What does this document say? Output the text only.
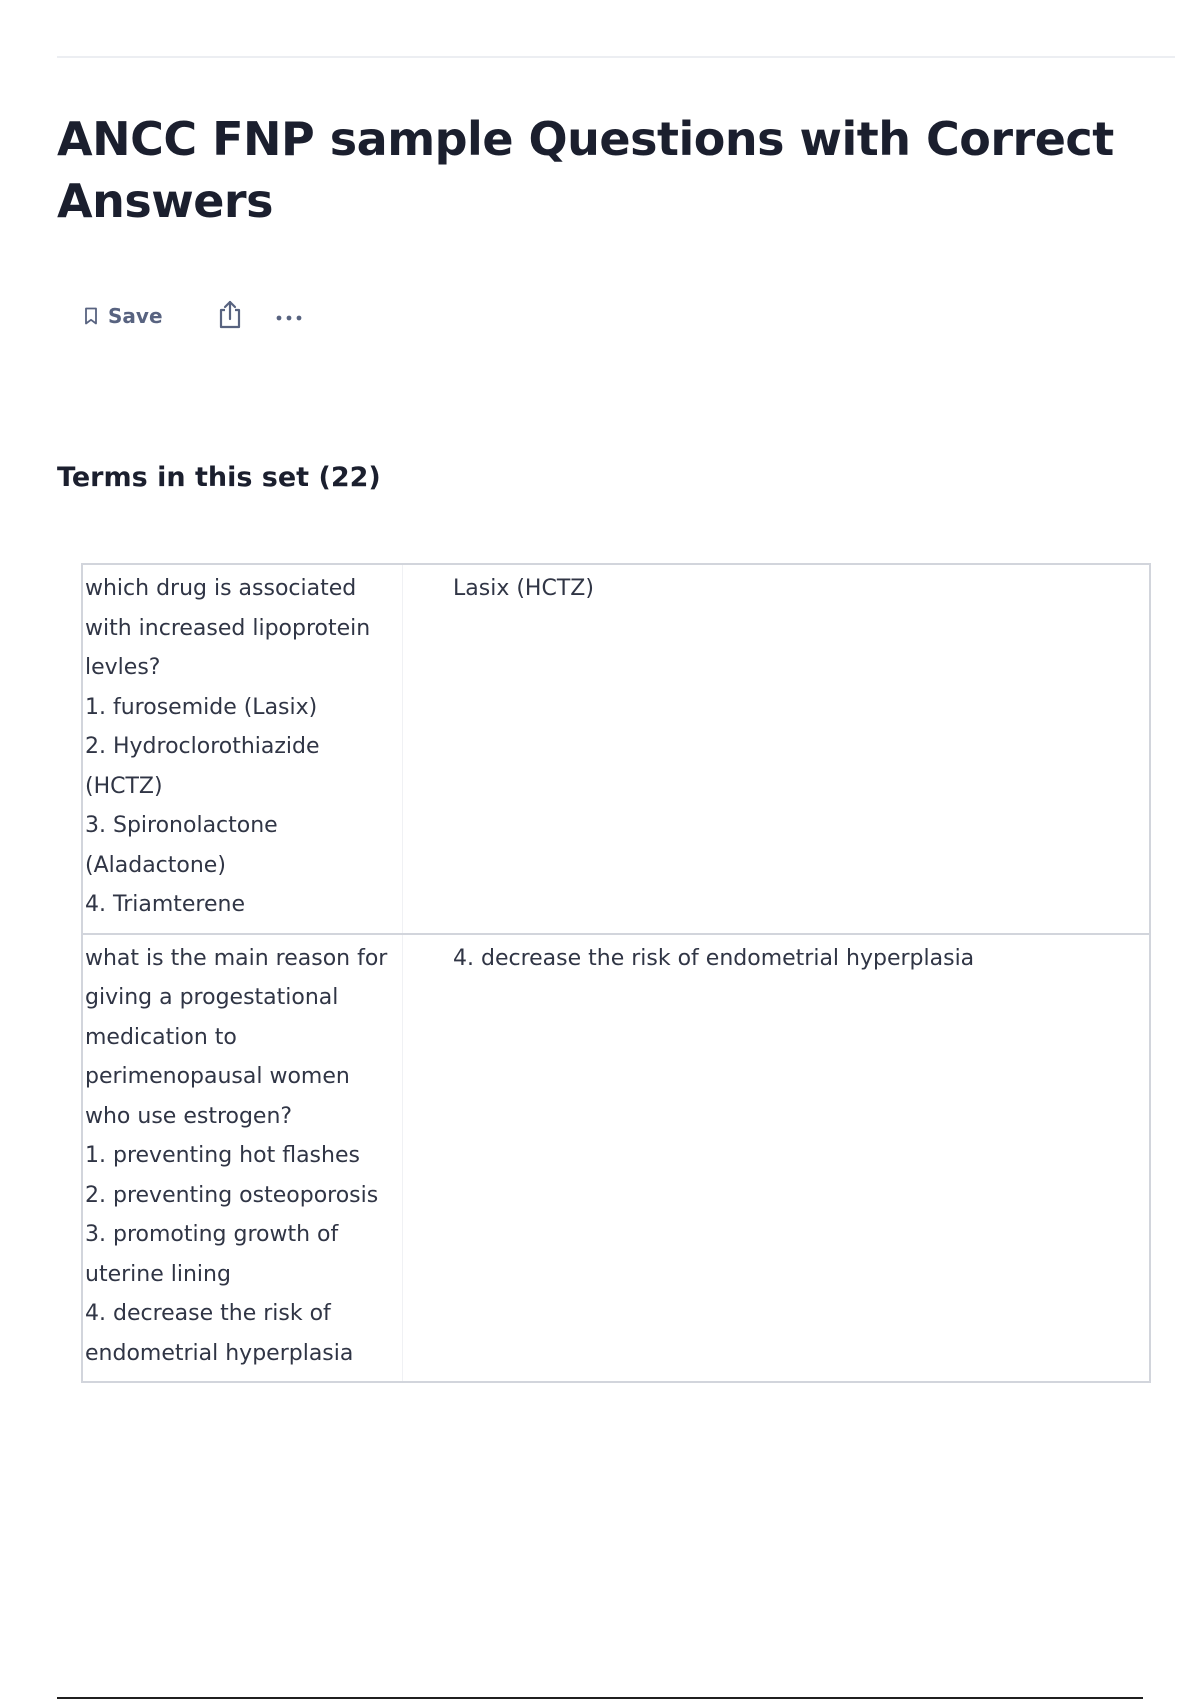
ANCC FNP sample Questions with Correct Answers
Save
Terms in this set (22)
which drug is associated with increased lipoprotein levles?
1. furosemide (Lasix)
2. Hydroclorothiazide (HCTZ)
3. Spironolactone (Aladactone)
4. Triamterene
Lasix (HCTZ)
what is the main reason for giving a progestational medication to perimenopausal women who use estrogen?
1. preventing hot flashes
2. preventing osteoporosis
3. promoting growth of uterine lining
4. decrease the risk of endometrial hyperplasia
4. decrease the risk of endometrial hyperplasia
